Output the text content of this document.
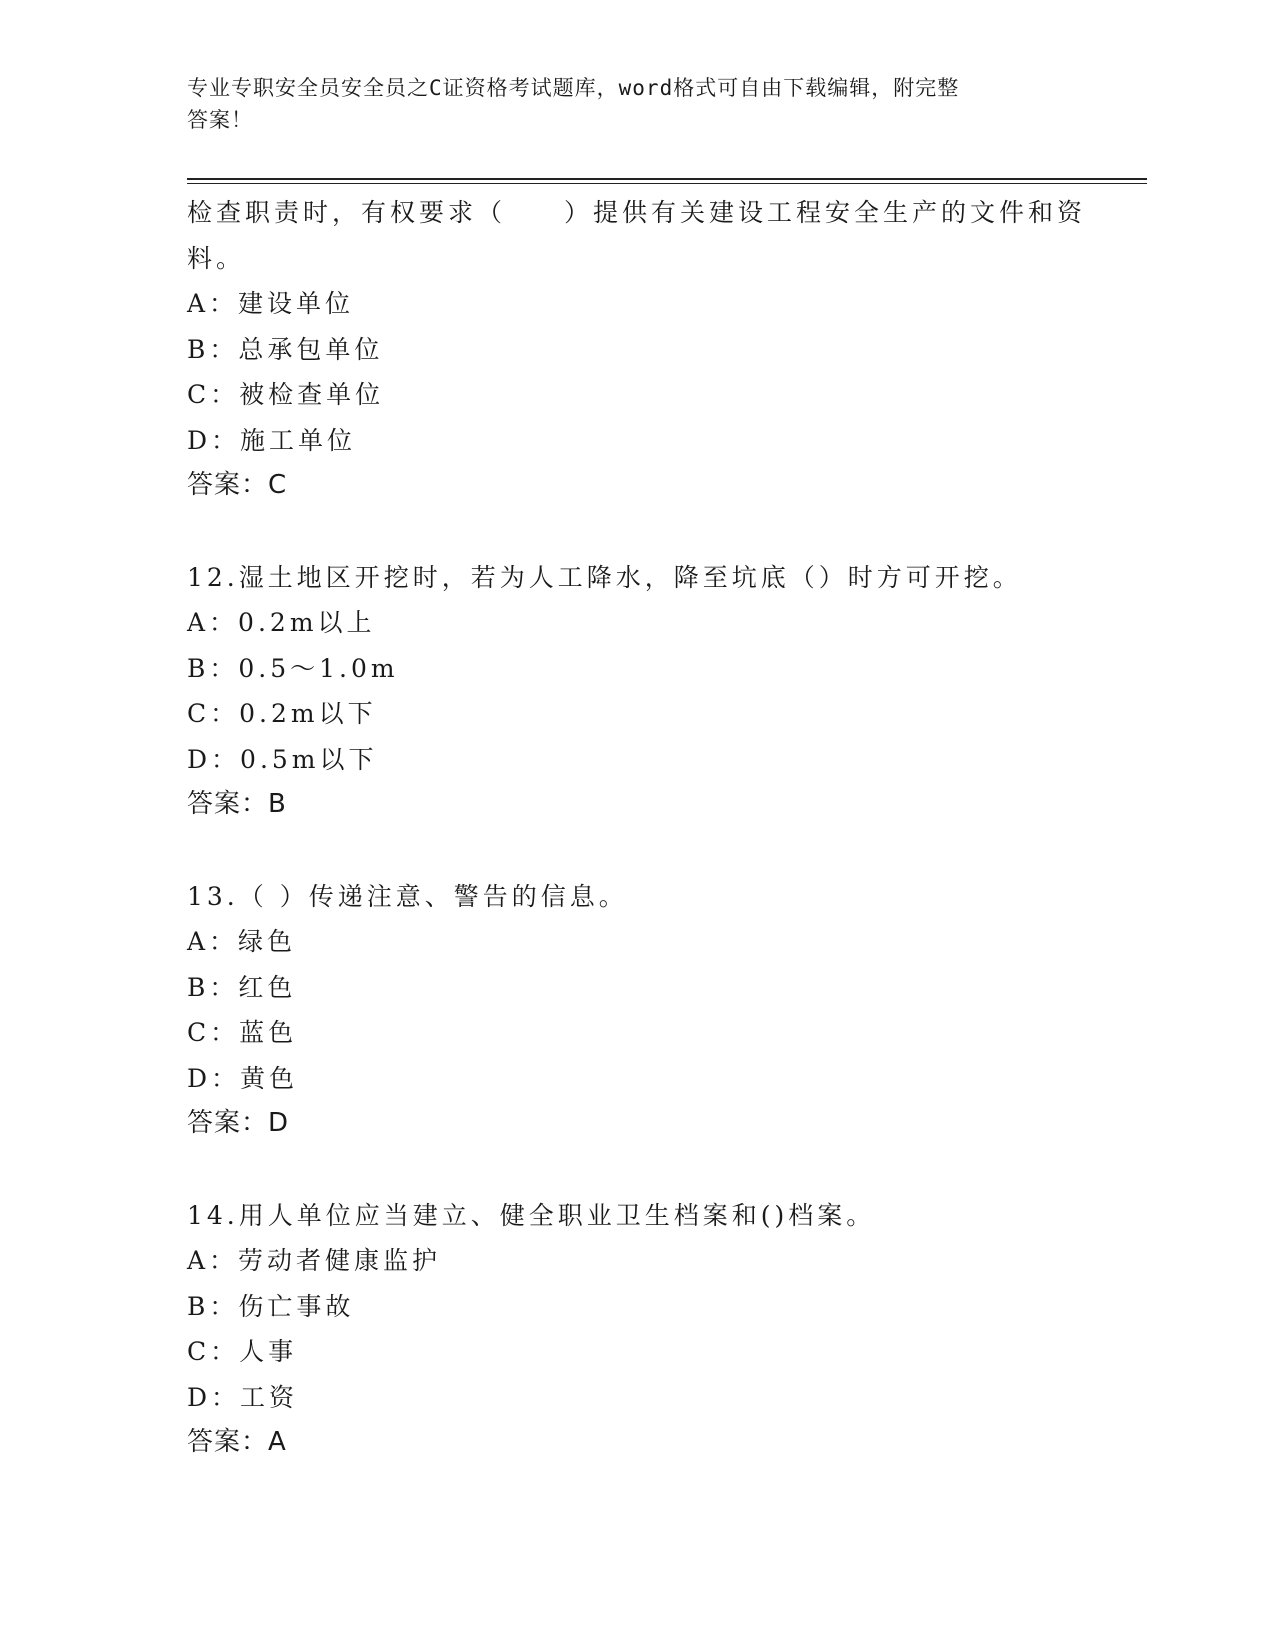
专业专职安全员安全员之C证资格考试题库，word格式可自由下载编辑，附完整
答案！
检查职责时，有权要求（　　）提供有关建设工程安全生产的文件和资
料。
A：建设单位
B：总承包单位
C：被检查单位
D：施工单位
答案：C
12.湿土地区开挖时，若为人工降水，降至坑底（）时方可开挖。
A：0.2m以上
B：0.5～1.0m
C：0.2m以下
D：0.5m以下
答案：B
13.（ ）传递注意、警告的信息。
A：绿色
B：红色
C：蓝色
D：黄色
答案：D
14.用人单位应当建立、健全职业卫生档案和()档案。
A：劳动者健康监护
B：伤亡事故
C：人事
D：工资
答案：A
